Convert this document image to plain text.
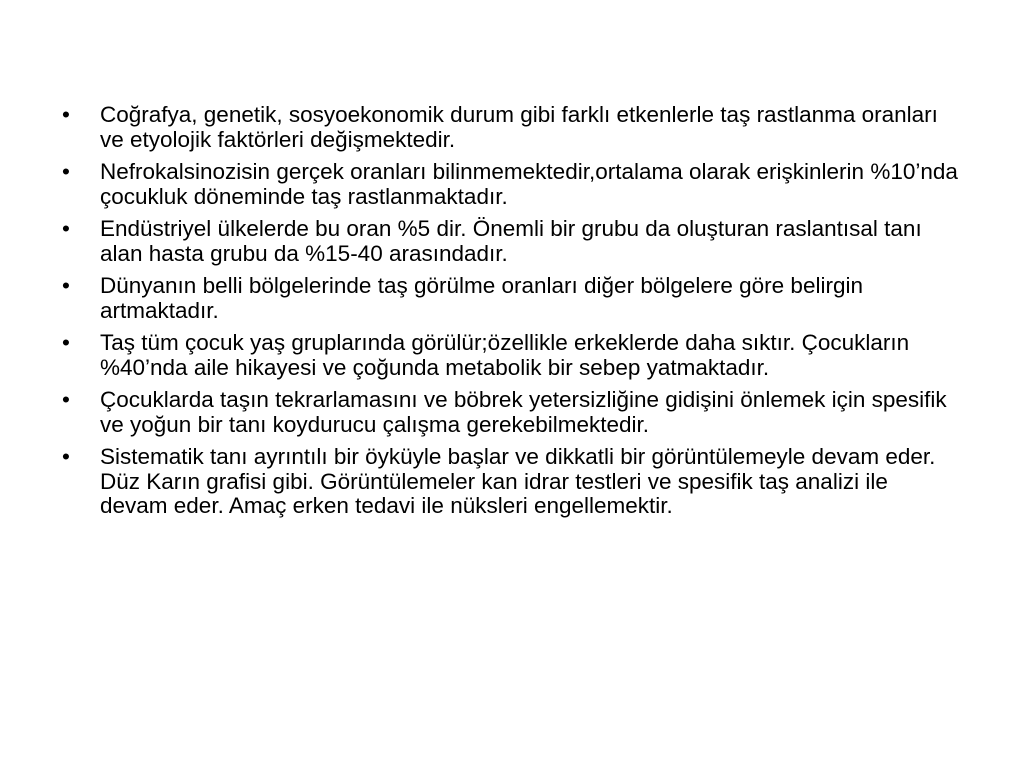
• Coğrafya, genetik, sosyoekonomik durum gibi farklı etkenlerle taş rastlanma oranları ve etyolojik faktörleri değişmektedir.
• Nefrokalsinozisin gerçek oranları bilinmemektedir,ortalama olarak erişkinlerin %10’nda çocukluk döneminde taş rastlanmaktadır.
• Endüstriyel ülkelerde bu oran %5 dir. Önemli bir grubu da oluşturan raslantısal tanı alan hasta grubu da %15-40 arasındadır.
• Dünyanın belli bölgelerinde taş görülme oranları diğer bölgelere göre belirgin artmaktadır.
• Taş tüm çocuk yaş gruplarında görülür;özellikle erkeklerde daha sıktır. Çocukların %40’nda aile hikayesi ve çoğunda metabolik bir sebep yatmaktadır.
• Çocuklarda taşın tekrarlamasını ve böbrek yetersizliğine gidişini önlemek için spesifik ve yoğun bir tanı koydurucu çalışma gerekebilmektedir.
• Sistematik tanı ayrıntılı bir öyküyle başlar ve dikkatli bir görüntülemeyle devam eder. Düz Karın grafisi gibi. Görüntülemeler kan idrar testleri ve spesifik taş analizi ile devam eder. Amaç erken tedavi ile nüksleri engellemektir.
